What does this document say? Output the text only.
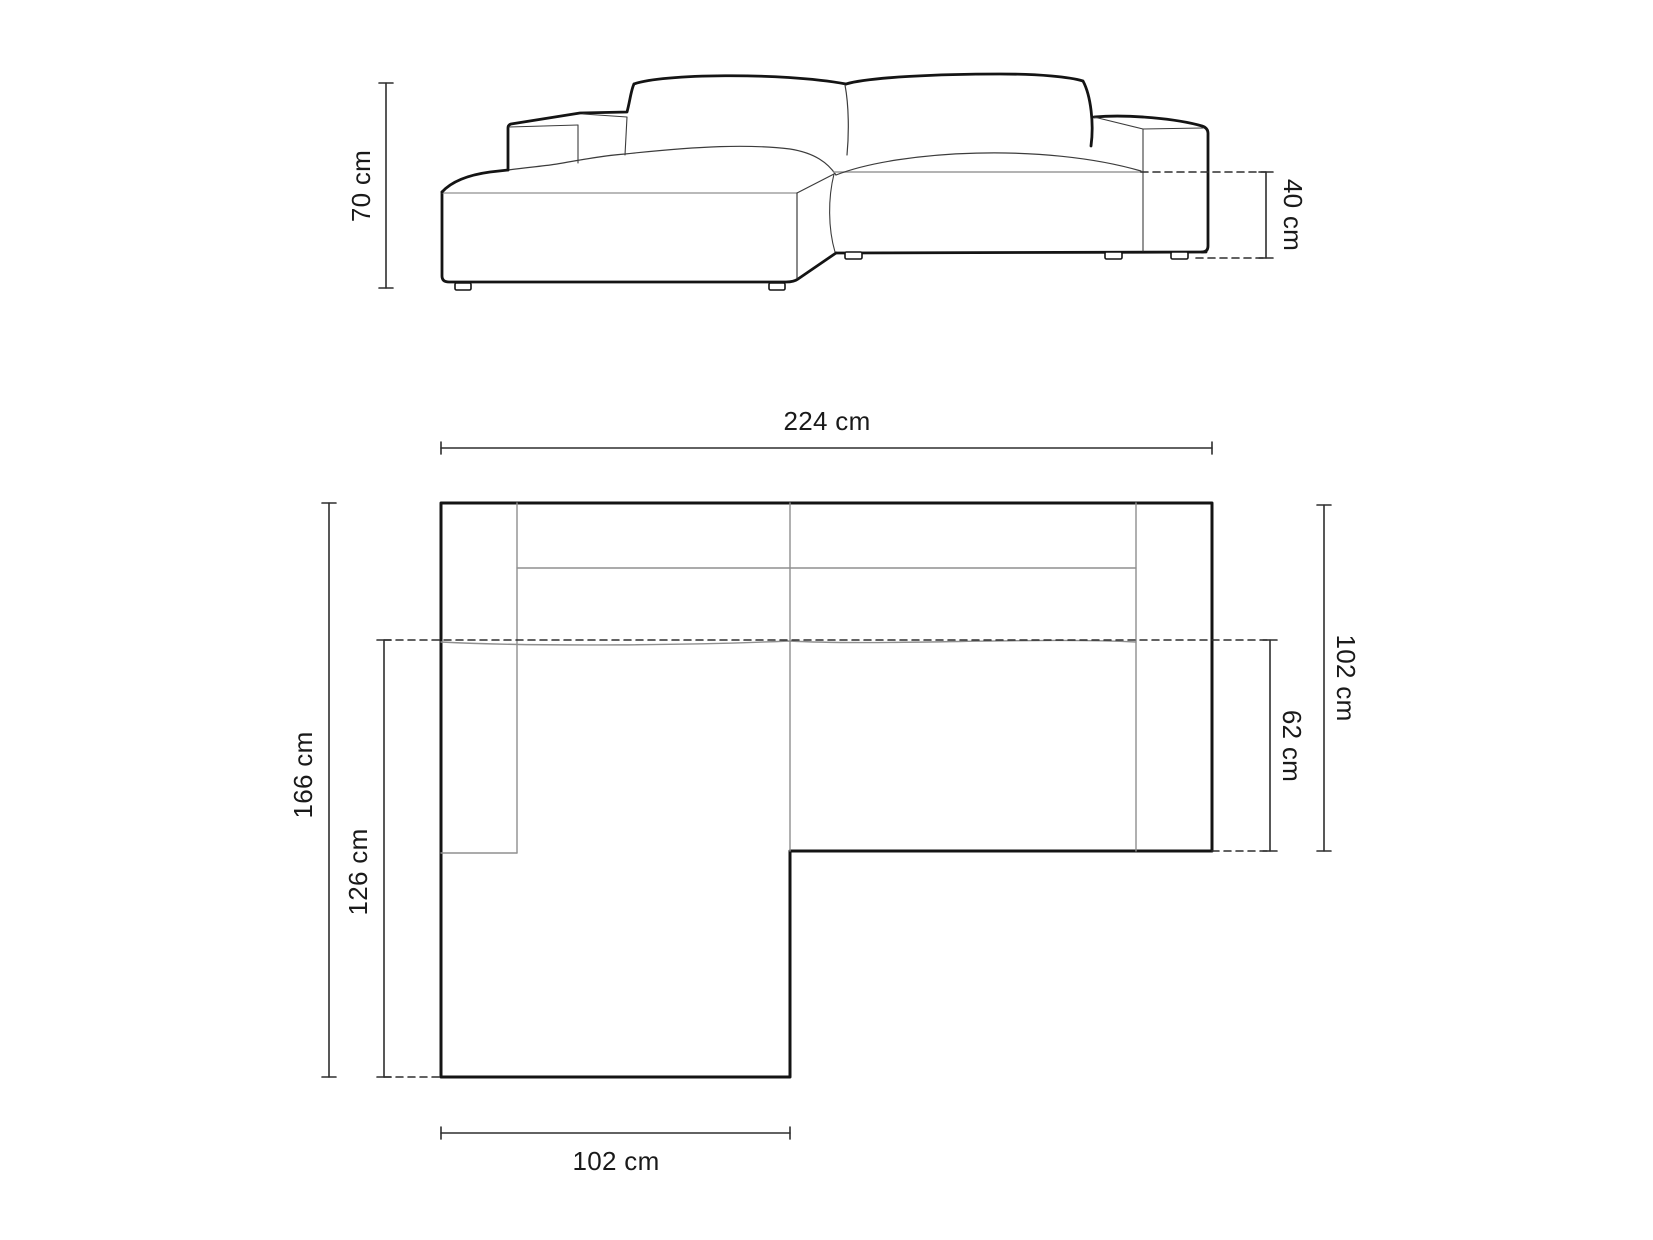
70 cm	40 cm
224 cm
166 cm
126 cm
102 cm
62 cm
102 cm
